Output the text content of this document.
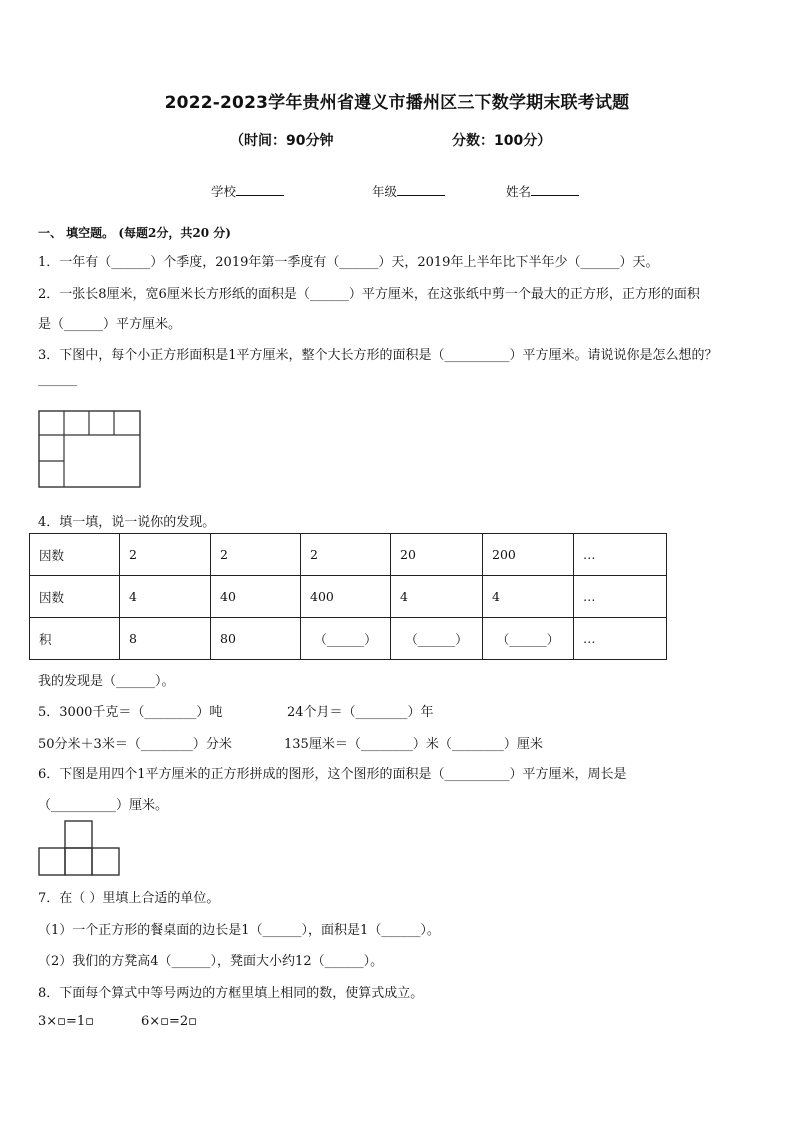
2022-2023学年贵州省遵义市播州区三下数学期末联考试题
（时间：90分钟	分数：100分）
学校	年级	姓名
一、 填空题。 (每题2分，共20 分)
1．一年有（______）个季度，2019年第一季度有（______）天，2019年上半年比下半年少（______）天。
2．一张长8厘米，宽6厘米长方形纸的面积是（______）平方厘米，在这张纸中剪一个最大的正方形，正方形的面积
是（______）平方厘米。
3．下图中，每个小正方形面积是1平方厘米，整个大长方形的面积是（__________）平方厘米。请说说你是怎么想的？
______
4．填一填，说一说你的发现。
因数	2	2	2	20	200	…
因数	4	40	400	4	4	…
积	8	80	（______）	（______）	（______）	…
我的发现是（______）。
5．3000千克＝（________）吨	24个月＝（________）年
50分米＋3米＝（________）分米	135厘米＝（________）米（________）厘米
6．下图是用四个1平方厘米的正方形拼成的图形，这个图形的面积是（__________）平方厘米，周长是
（__________）厘米。
7．在（ ）里填上合适的单位。
（1）一个正方形的餐桌面的边长是1（______），面积是1（______）。
（2）我们的方凳高4（______），凳面大小约12（______）。
8．下面每个算式中等号两边的方框里填上相同的数，使算式成立。
3×▫=1▫	6×▫=2▫
